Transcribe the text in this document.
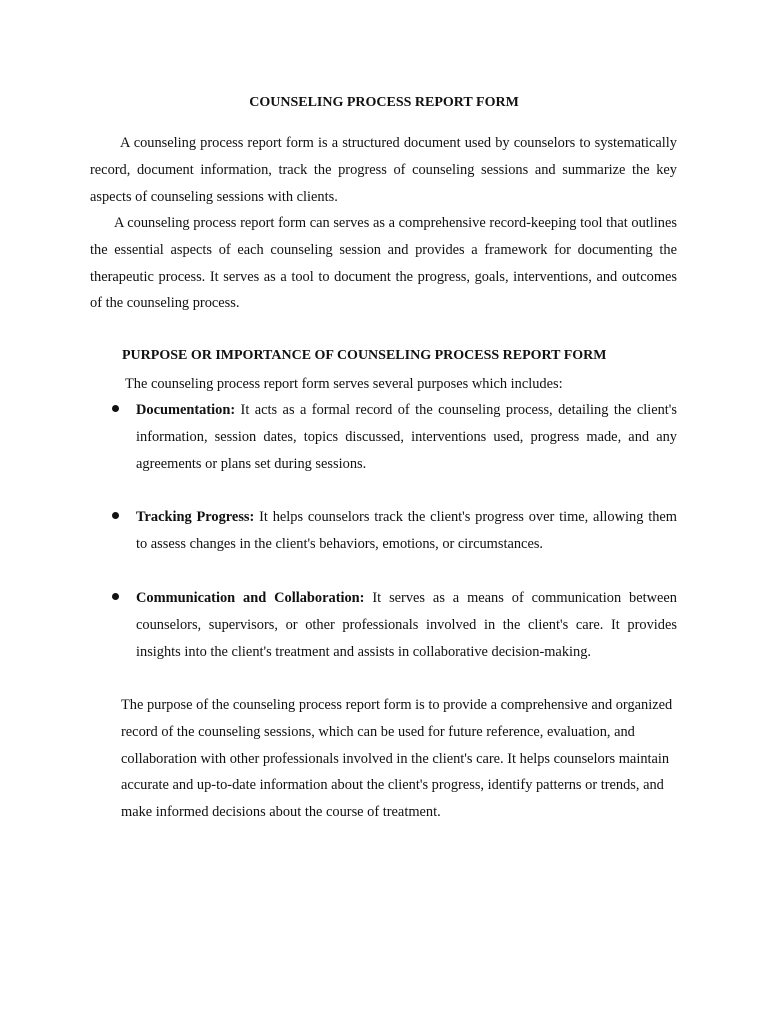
COUNSELING PROCESS REPORT FORM

A counseling process report form is a structured document used by counselors to systematically record, document information, track the progress of counseling sessions and summarize the key aspects of counseling sessions with clients.

A counseling process report form can serves as a comprehensive record-keeping tool that outlines the essential aspects of each counseling session and provides a framework for documenting the therapeutic process. It serves as a tool to document the progress, goals, interventions, and outcomes of the counseling process.

PURPOSE OR IMPORTANCE OF COUNSELING PROCESS REPORT FORM

The counseling process report form serves several purposes which includes:

Documentation: It acts as a formal record of the counseling process, detailing the client's information, session dates, topics discussed, interventions used, progress made, and any agreements or plans set during sessions.
Tracking Progress: It helps counselors track the client's progress over time, allowing them to assess changes in the client's behaviors, emotions, or circumstances.
Communication and Collaboration: It serves as a means of communication between counselors, supervisors, or other professionals involved in the client's care. It provides insights into the client's treatment and assists in collaborative decision-making.

The purpose of the counseling process report form is to provide a comprehensive and organized record of the counseling sessions, which can be used for future reference, evaluation, and collaboration with other professionals involved in the client's care. It helps counselors maintain accurate and up-to-date information about the client's progress, identify patterns or trends, and make informed decisions about the course of treatment.
